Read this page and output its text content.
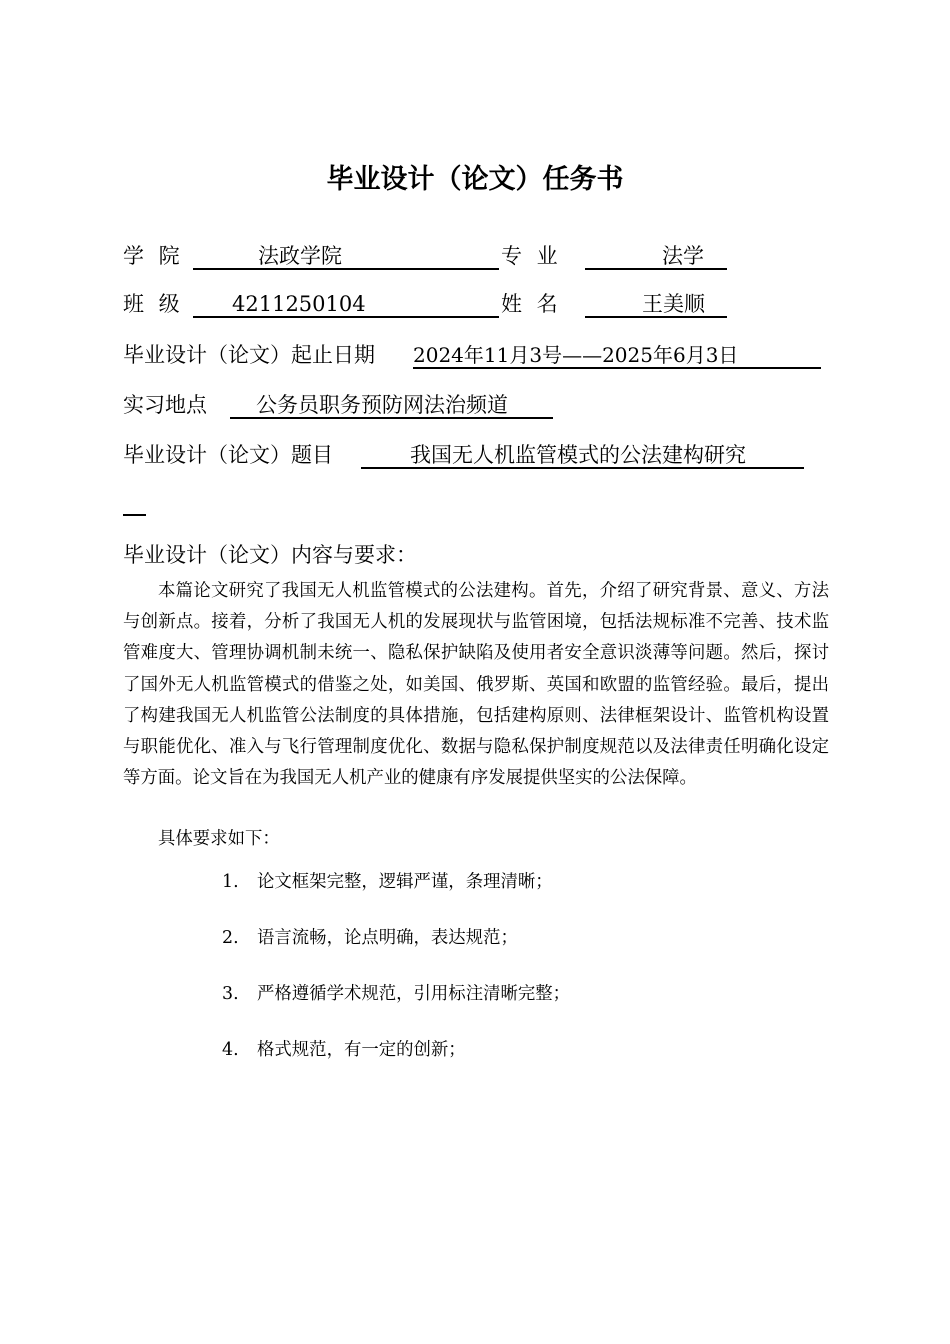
毕业设计（论文）任务书
学 院	法政学院	专 业	法学
班 级 4211250104	姓 名	王美顺
毕业设计（论文）起止日期 2024年11月3号——2025年6月3日
实习地点 公务员职务预防网法治频道
毕业设计（论文）题目	我国无人机监管模式的公法建构研究
毕业设计（论文）内容与要求：
本篇论文研究了我国无人机监管模式的公法建构。首先，介绍了研究背景、意义、方法与创新点。接着，分析了我国无人机的发展现状与监管困境，包括法规标准不完善、技术监管难度大、管理协调机制未统一、隐私保护缺陷及使用者安全意识淡薄等问题。然后，探讨了国外无人机监管模式的借鉴之处，如美国、俄罗斯、英国和欧盟的监管经验。最后，提出了构建我国无人机监管公法制度的具体措施，包括建构原则、法律框架设计、监管机构设置与职能优化、准入与飞行管理制度优化、数据与隐私保护制度规范以及法律责任明确化设定等方面。论文旨在为我国无人机产业的健康有序发展提供坚实的公法保障。
具体要求如下：
1. 论文框架完整，逻辑严谨，条理清晰；
2. 语言流畅，论点明确，表达规范；
3. 严格遵循学术规范，引用标注清晰完整；
4. 格式规范，有一定的创新；
